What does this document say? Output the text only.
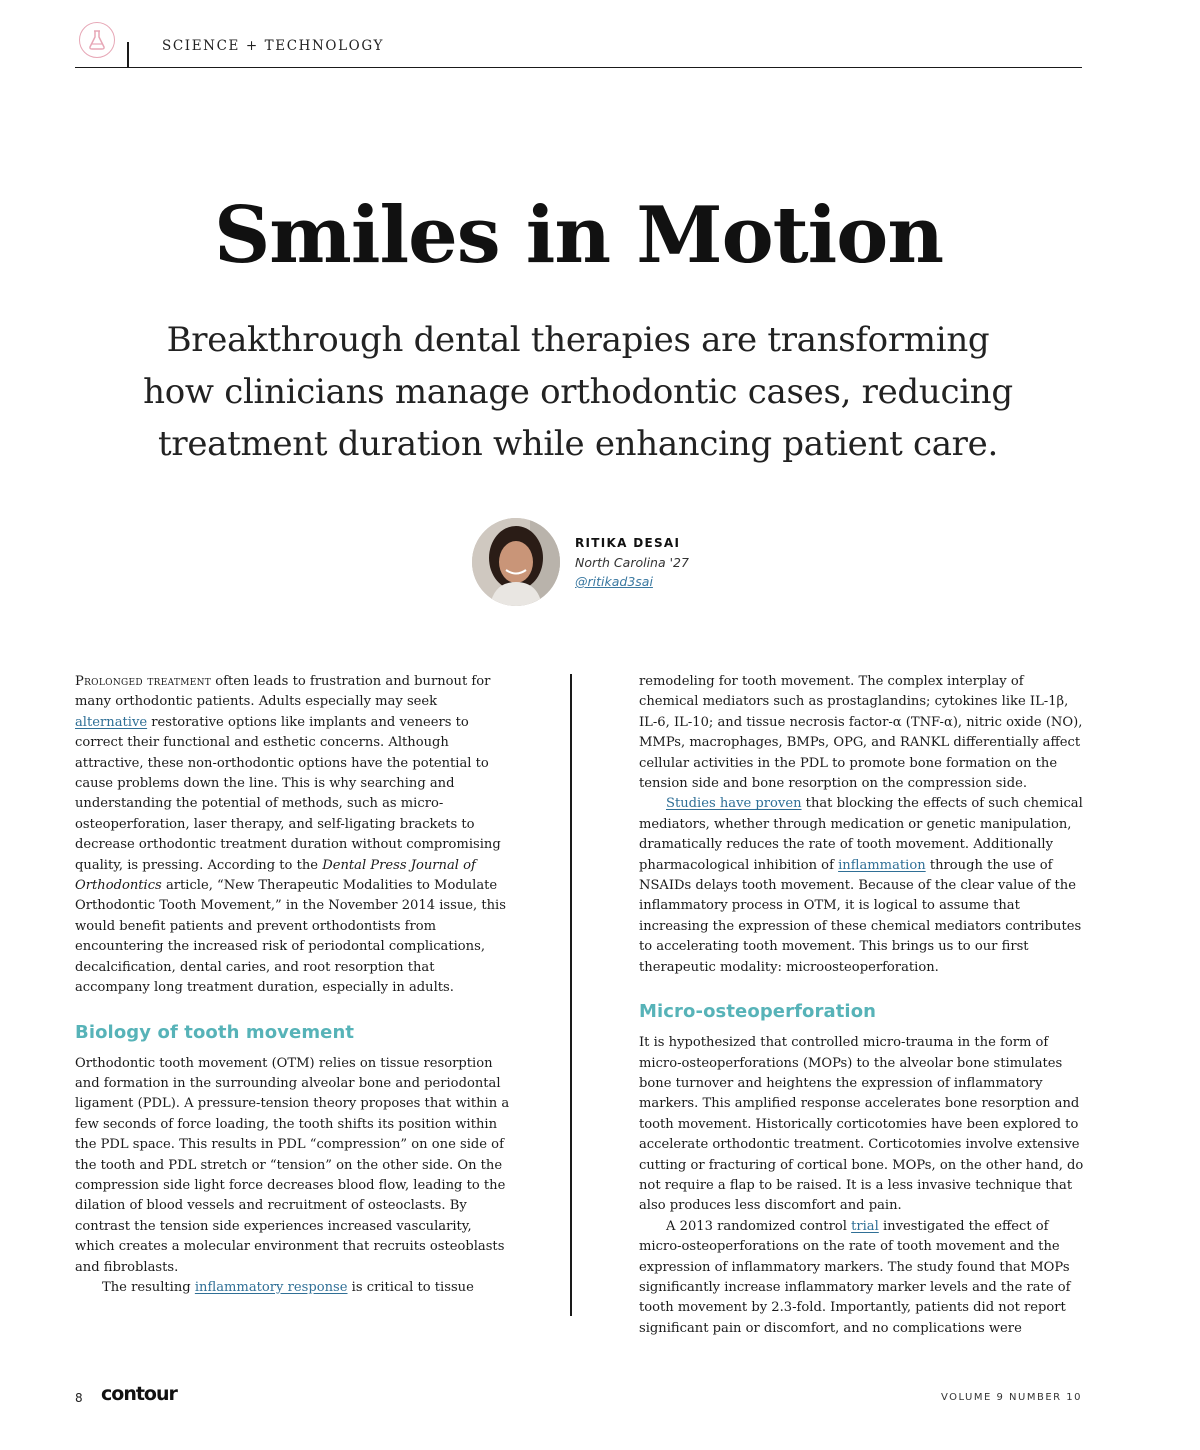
SCIENCE + TECHNOLOGY
Smiles in Motion

Breakthrough dental therapies are transforming how clinicians manage orthodontic cases, reducing treatment duration while enhancing patient care.

RITIKA DESAI
North Carolina '27
@ritikad3sai

Prolonged treatment often leads to frustration and burnout for many orthodontic patients. Adults especially may seek alternative restorative options like implants and veneers to correct their functional and esthetic concerns. Although attractive, these non-orthodontic options have the potential to cause problems down the line. This is why searching and understanding the potential of methods, such as micro-osteoperforation, laser therapy, and self-ligating brackets to decrease orthodontic treatment duration without compromising quality, is pressing. According to the Dental Press Journal of Orthodontics article, “New Therapeutic Modalities to Modulate Orthodontic Tooth Movement,” in the November 2014 issue, this would benefit patients and prevent orthodontists from encountering the increased risk of periodontal complications, decalcification, dental caries, and root resorption that accompany long treatment duration, especially in adults.

Biology of tooth movement

Orthodontic tooth movement (OTM) relies on tissue resorption and formation in the surrounding alveolar bone and periodontal ligament (PDL). A pressure-tension theory proposes that within a few seconds of force loading, the tooth shifts its position within the PDL space. This results in PDL “compression” on one side of the tooth and PDL stretch or “tension” on the other side. On the compression side light force decreases blood flow, leading to the dilation of blood vessels and recruitment of osteoclasts. By contrast the tension side experiences increased vascularity, which creates a molecular environment that recruits osteoblasts and fibroblasts.

The resulting inflammatory response is critical to tissue

remodeling for tooth movement. The complex interplay of chemical mediators such as prostaglandins; cytokines like IL-1β, IL-6, IL-10; and tissue necrosis factor-α (TNF-α), nitric oxide (NO), MMPs, macrophages, BMPs, OPG, and RANKL differentially affect cellular activities in the PDL to promote bone formation on the tension side and bone resorption on the compression side.

Studies have proven that blocking the effects of such chemical mediators, whether through medication or genetic manipulation, dramatically reduces the rate of tooth movement. Additionally pharmacological inhibition of inflammation through the use of NSAIDs delays tooth movement. Because of the clear value of the inflammatory process in OTM, it is logical to assume that increasing the expression of these chemical mediators contributes to accelerating tooth movement. This brings us to our first therapeutic modality: microosteoperforation.

Micro-osteoperforation

It is hypothesized that controlled micro-trauma in the form of micro-osteoperforations (MOPs) to the alveolar bone stimulates bone turnover and heightens the expression of inflammatory markers. This amplified response accelerates bone resorption and tooth movement. Historically corticotomies have been explored to accelerate orthodontic treatment. Corticotomies involve extensive cutting or fracturing of cortical bone. MOPs, on the other hand, do not require a flap to be raised. It is a less invasive technique that also produces less discomfort and pain.

A 2013 randomized control trial investigated the effect of micro-osteoperforations on the rate of tooth movement and the expression of inflammatory markers. The study found that MOPs significantly increase inflammatory marker levels and the rate of tooth movement by 2.3-fold. Importantly, patients did not report significant pain or discomfort, and no complications were

8 contour	VOLUME 9 NUMBER 10
